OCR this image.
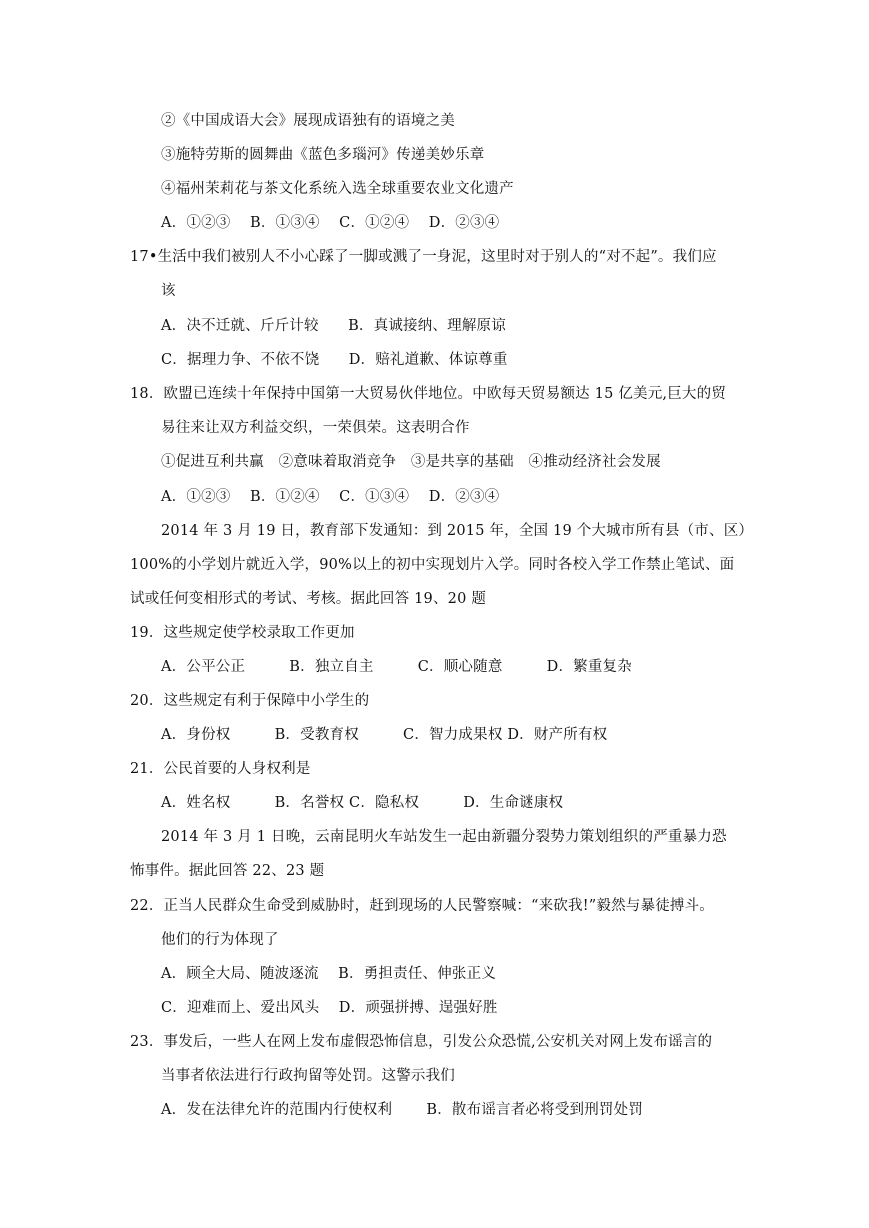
②《中国成语大会》展现成语独有的语境之美
③施特劳斯的圆舞曲《蓝色多瑙河》传递美妙乐章
④福州茉莉花与茶文化系统入选全球重要农业文化遗产
A．①②③　 B．①③④　 C．①②④　 D．②③④
17•生活中我们被别人不小心踩了一脚或溅了一身泥，这里时对于别人的“对不起”。我们应
该
A．决不迁就、斤斤计较　　B．真诚接纳、理解原谅
C．据理力争、不依不饶　　D．赔礼道歉、体谅尊重
18．欧盟已连续十年保持中国第一大贸易伙伴地位。中欧每天贸易额达 15 亿美元,巨大的贸
易往来让双方利益交织，一荣俱荣。这表明合作
①促进互利共赢　②意味着取消竞争　③是共享的基础　④推动经济社会发展
A．①②③　 B．①②④　 C．①③④　 D．②③④
2014 年 3 月 19 日，教育部下发通知：到 2015 年，全国 19 个大城市所有县（市、区）
100%的小学划片就近入学，90%以上的初中实现划片入学。同时各校入学工作禁止笔试、面
试或任何变相形式的考试、考核。据此回答 19、20 题
19．这些规定使学校录取工作更加
A．公平公正　　　B．独立自主　　　C．顺心随意　　　D．繁重复杂
20．这些规定有利于保障中小学生的
A．身份权　　　B．受教育权　　　C．智力成果权 D．财产所有权
21．公民首要的人身权利是
A．姓名权　　　B．名誉权 C．隐私权　　　D．生命谜康权
2014 年 3 月 1 日晚，云南昆明火车站发生一起由新疆分裂势力策划组织的严重暴力恐
怖事件。据此回答 22、23 题
22．正当人民群众生命受到威胁时，赶到现场的人民警察喊：“来砍我!”毅然与暴徒搏斗。
他们的行为体现了
A．顾全大局、随波逐流　 B．勇担责任、伸张正义
C．迎难而上、爱出风头　 D．顽强拼搏、逞强好胜
23．事发后，一些人在网上发布虚假恐怖信息，引发公众恐慌,公安机关对网上发布谣言的
当事者依法进行行政拘留等处罚。这警示我们
A．发在法律允许的范围内行使权利　　 B．散布谣言者必将受到刑罚处罚
